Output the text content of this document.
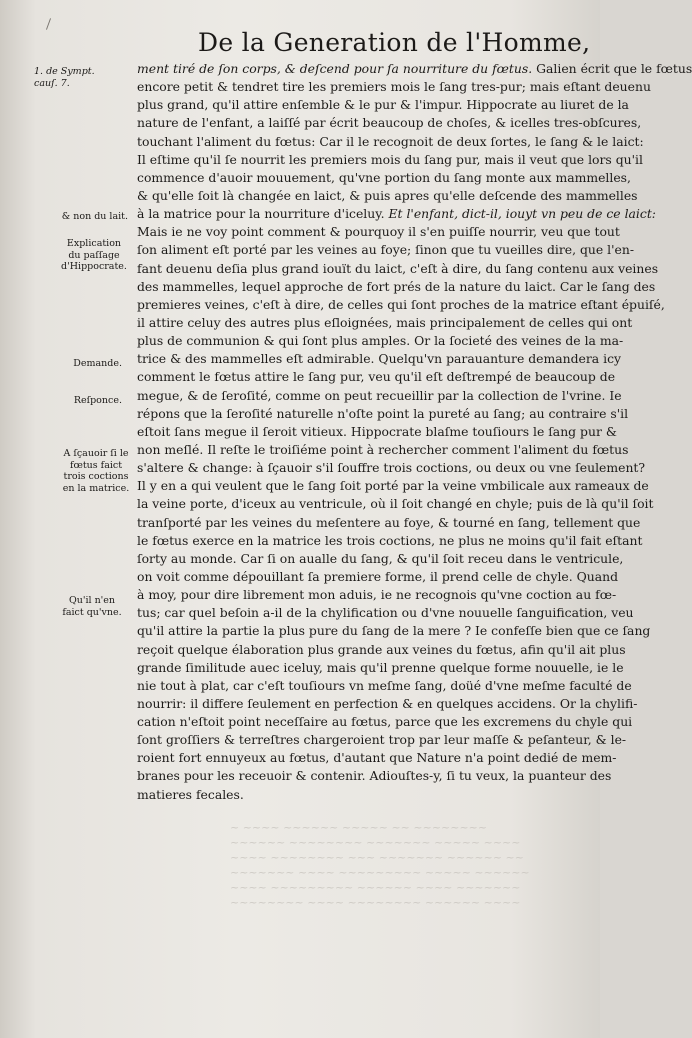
De la Generation de l'Homme,
ment tiré de ſon corps, & deſcend pour ſa nourriture du fœtus. Galien écrit que le fœtus
encore petit & tendret tire les premiers mois le ſang tres-pur; mais eſtant deuenu
plus grand, qu'il attire enſemble & le pur & l'impur. Hippocrate au liuret de la
nature de l'enfant, a laiſſé par écrit beaucoup de choſes, & icelles tres-obſcures,
touchant l'aliment du fœtus: Car il le recognoit de deux ſortes, le ſang & le laict:
Il eſtime qu'il ſe nourrit les premiers mois du ſang pur, mais il veut que lors qu'il
commence d'auoir mouuement, qu'vne portion du ſang monte aux mammelles,
& qu'elle ſoit là changée en laict, & puis apres qu'elle deſcende des mammelles
à la matrice pour la nourriture d'iceluy. Et l'enfant, dict-il, iouyt vn peu de ce laict:
Mais ie ne voy point comment & pourquoy il s'en puiſſe nourrir, veu que tout
ſon aliment eſt porté par les veines au foye; ſinon que tu vueilles dire, que l'en-
fant deuenu deſia plus grand iouït du laict, c'eſt à dire, du ſang contenu aux veines
des mammelles, lequel approche de fort prés de la nature du laict. Car le ſang des
premieres veines, c'eſt à dire, de celles qui ſont proches de la matrice eſtant épuiſé,
il attire celuy des autres plus eſloignées, mais principalement de celles qui ont
plus de communion & qui ſont plus amples. Or la ſocieté des veines de la ma-
trice & des mammelles eſt admirable. Quelqu'vn parauanture demandera icy
comment le fœtus attire le ſang pur, veu qu'il eſt deſtrempé de beaucoup de
megue, & de ſeroſité, comme on peut recueillir par la collection de l'vrine. Ie
répons que la ſeroſité naturelle n'oſte point la pureté au ſang; au contraire s'il
eſtoit ſans megue il ſeroit vitieux. Hippocrate blaſme touſiours le ſang pur &
non meſlé. Il reſte le troiſiéme point à rechercher comment l'aliment du fœtus
s'altere & change: à ſçauoir s'il ſouffre trois coctions, ou deux ou vne ſeulement?
Il y en a qui veulent que le ſang ſoit porté par la veine vmbilicale aux rameaux de
la veine porte, d'iceux au ventricule, où il ſoit changé en chyle; puis de là qu'il ſoit
tranſporté par les veines du meſentere au foye, & tourné en ſang, tellement que
le fœtus exerce en la matrice les trois coctions, ne plus ne moins qu'il fait eſtant
ſorty au monde. Car ſi on aualle du ſang, & qu'il ſoit receu dans le ventricule,
on voit comme dépouillant ſa premiere forme, il prend celle de chyle. Quand
à moy, pour dire librement mon aduis, ie ne recognois qu'vne coction au fœ-
tus; car quel beſoin a-il de la chylification ou d'vne nouuelle ſanguification, veu
qu'il attire la partie la plus pure du ſang de la mere ? Ie confeſſe bien que ce ſang
reçoit quelque élaboration plus grande aux veines du fœtus, afin qu'il ait plus
grande ſimilitude auec iceluy, mais qu'il prenne quelque forme nouuelle, ie le
nie tout à plat, car c'eſt touſiours vn meſme ſang, doüé d'vne meſme faculté de
nourrir: il differe ſeulement en perfection & en quelques accidens. Or la chylifi-
cation n'eſtoit point neceſſaire au fœtus, parce que les excremens du chyle qui
ſont groſſiers & terreſtres chargeroient trop par leur maſſe & peſanteur, & le-
roient fort ennuyeux au fœtus, d'autant que Nature n'a point dedié de mem-
branes pour les receuoir & contenir. Adiouſtes-y, ſi tu veux, la puanteur des
matieres fecales.
1. de Sympt.
cauſ. 7.
& non du lait.
Explication
du paſſage
d'Hippocrate.
Demande.
Reſponce.
A ſçauoir ſi le
fœtus faict
trois coctions
en la matrice.
Qu'il n'en
faict qu'vne.
~ ~~~~ ~~~~~~ ~~~~~ ~~ ~~~~~~~~
~~~~~~ ~~~~~~~~ ~~~~~~~ ~~~~~ ~~~~
~~~~ ~~~~~~~~ ~~~ ~~~~~~~ ~~~~~~ ~~
~~~~~~~ ~~~~ ~~~~~~~~~ ~~~~~ ~~~~~~
~~~~ ~~~~~~~~~ ~~~~~~ ~~~~ ~~~~~~~
~~~~~~~~ ~~~~ ~~~~~~~~ ~~~~~~ ~~~~
